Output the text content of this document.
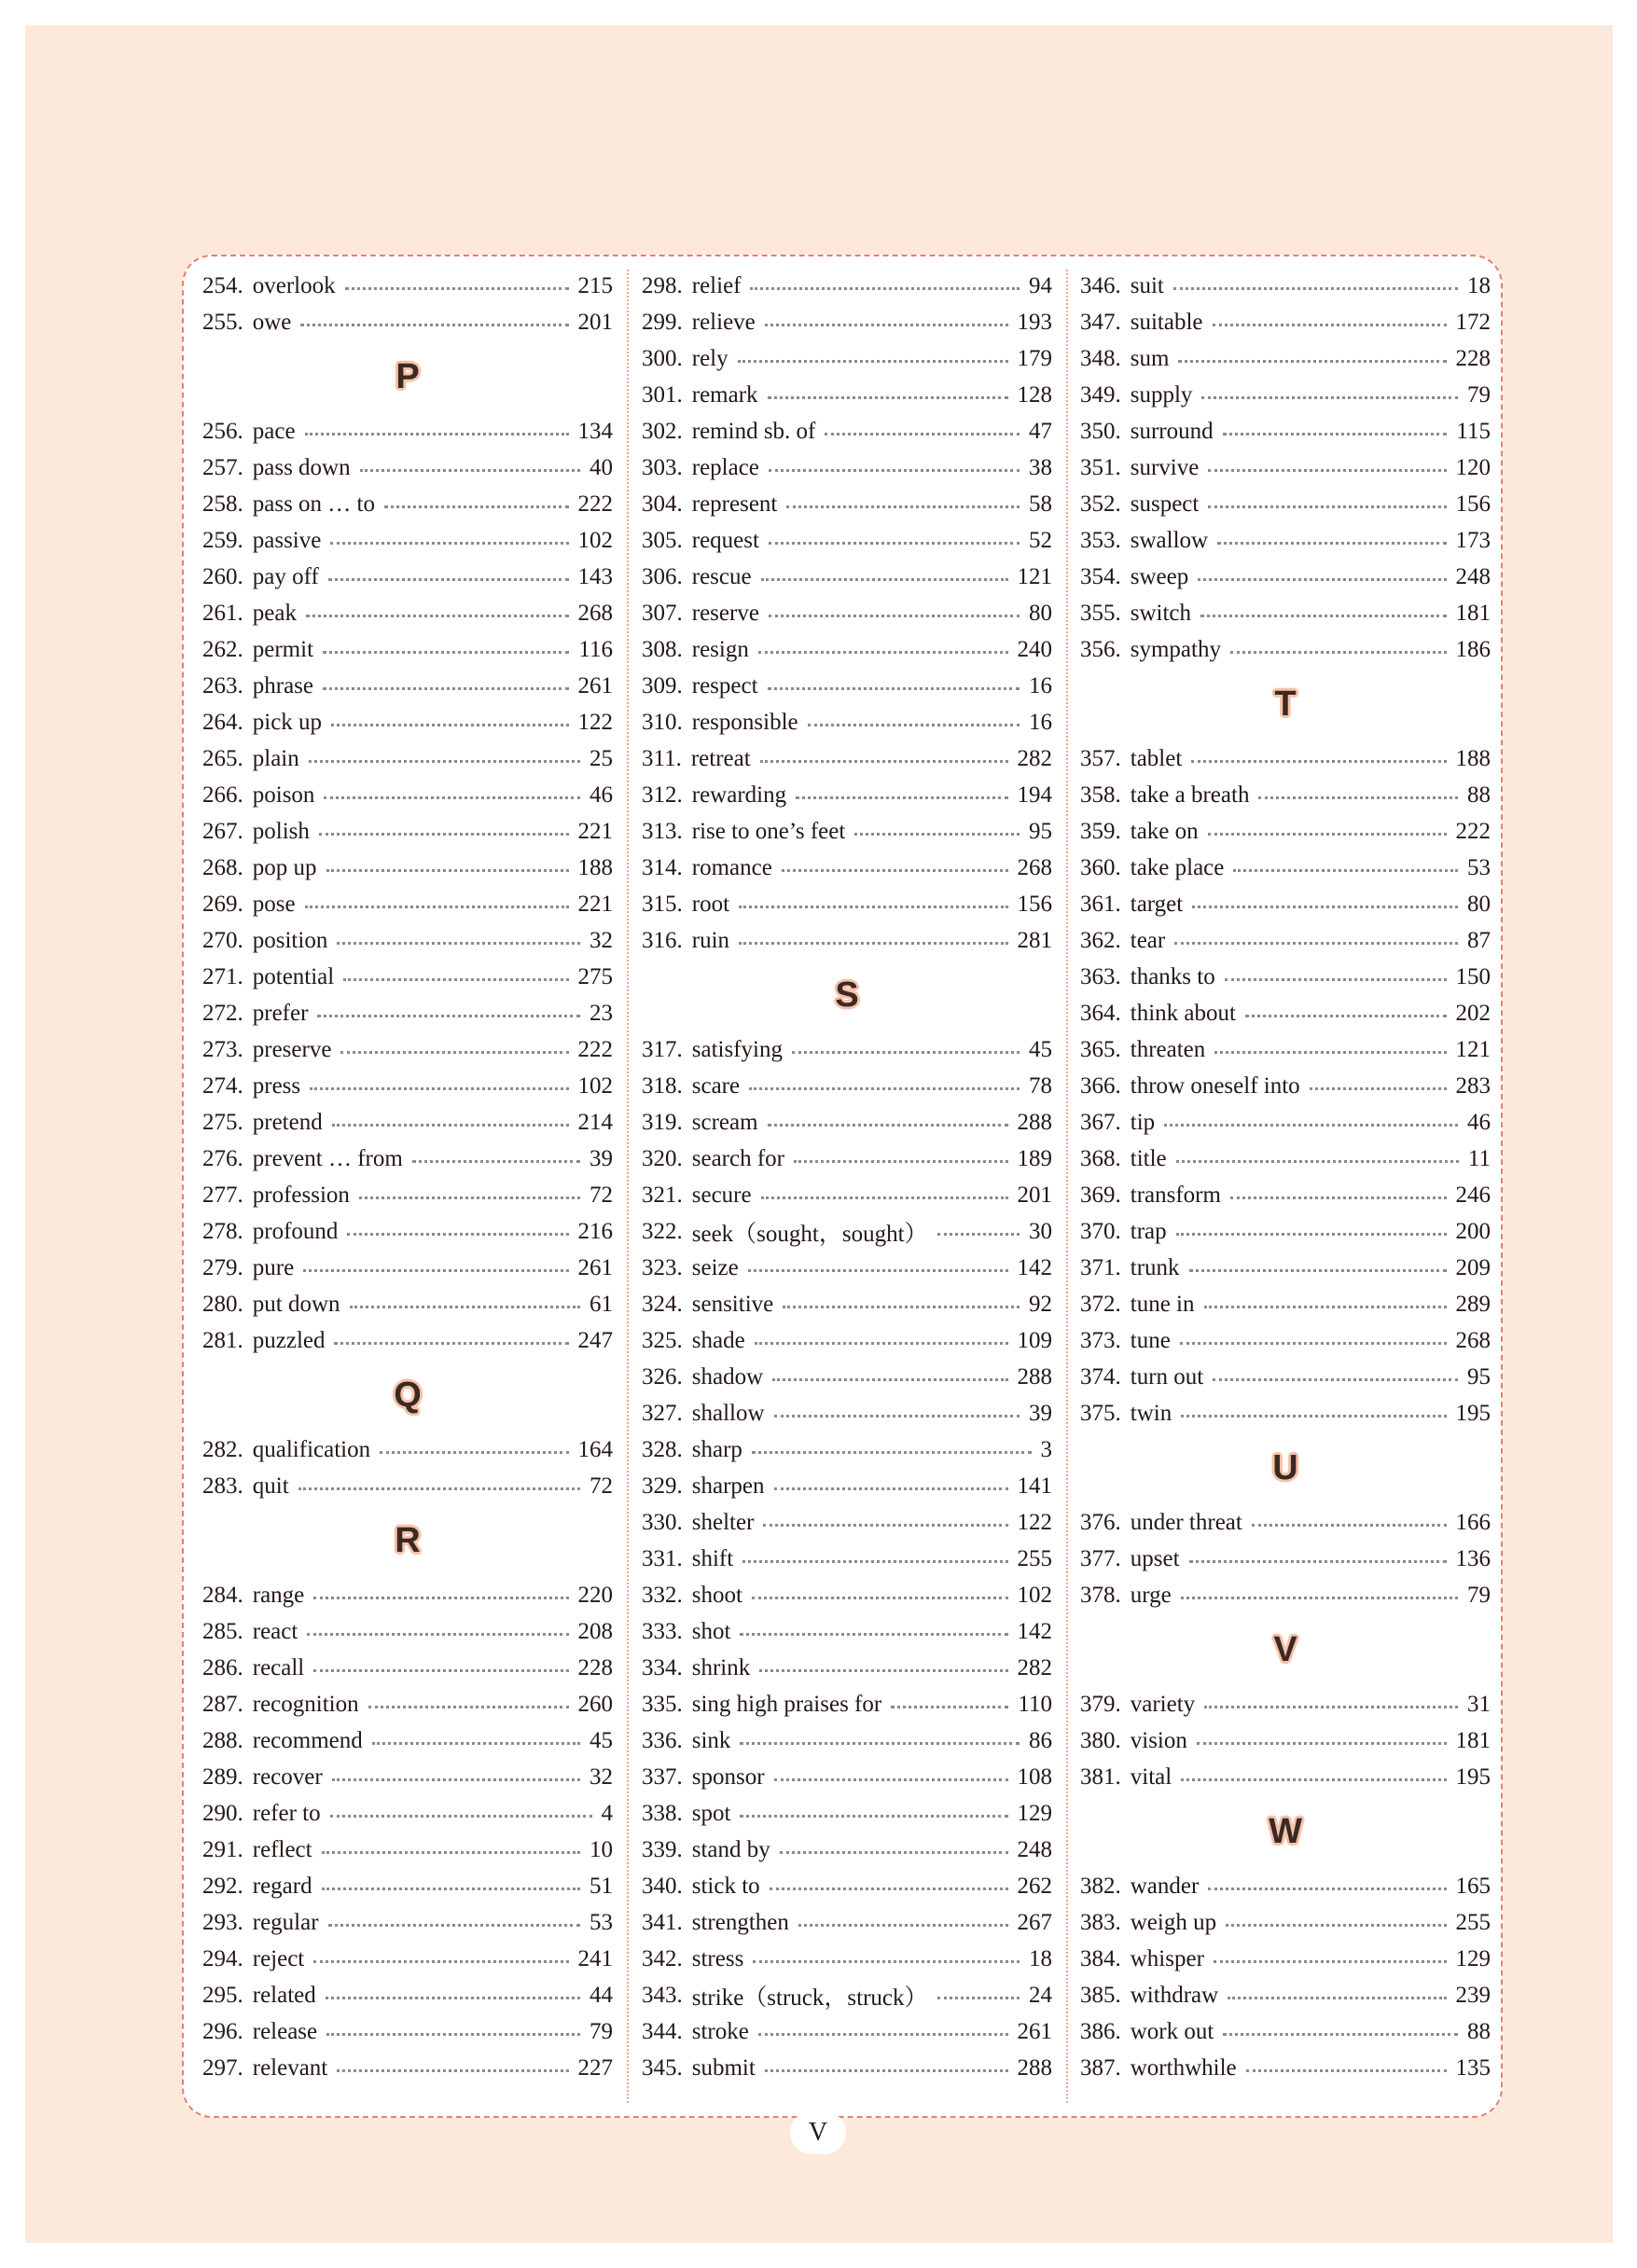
254. overlook	215
255. owe	201
P
256. pace	134
257. pass down	40
258. pass on … to	222
259. passive	102
260. pay off	143
261. peak	268
262. permit	116
263. phrase	261
264. pick up	122
265. plain	25
266. poison	46
267. polish	221
268. pop up	188
269. pose	221
270. position	32
271. potential	275
272. prefer	23
273. preserve	222
274. press	102
275. pretend	214
276. prevent … from	39
277. profession	72
278. profound	216
279. pure	261
280. put down	61
281. puzzled	247
Q
282. qualification	164
283. quit	72
R
284. range	220
285. react	208
286. recall	228
287. recognition	260
288. recommend	45
289. recover	32
290. refer to	4
291. reflect	10
292. regard	51
293. regular	53
294. reject	241
295. related	44
296. release	79
297. relevant	227
298. relief	94
299. relieve	193
300. rely	179
301. remark	128
302. remind sb. of	47
303. replace	38
304. represent	58
305. request	52
306. rescue	121
307. reserve	80
308. resign	240
309. respect	16
310. responsible	16
311. retreat	282
312. rewarding	194
313. rise to one’s feet	95
314. romance	268
315. root	156
316. ruin	281
S
317. satisfying	45
318. scare	78
319. scream	288
320. search for	189
321. secure	201
322. seek（sought，sought）	30
323. seize	142
324. sensitive	92
325. shade	109
326. shadow	288
327. shallow	39
328. sharp	3
329. sharpen	141
330. shelter	122
331. shift	255
332. shoot	102
333. shot	142
334. shrink	282
335. sing high praises for	110
336. sink	86
337. sponsor	108
338. spot	129
339. stand by	248
340. stick to	262
341. strengthen	267
342. stress	18
343. strike（struck，struck）	24
344. stroke	261
345. submit	288
346. suit	18
347. suitable	172
348. sum	228
349. supply	79
350. surround	115
351. survive	120
352. suspect	156
353. swallow	173
354. sweep	248
355. switch	181
356. sympathy	186
T
357. tablet	188
358. take a breath	88
359. take on	222
360. take place	53
361. target	80
362. tear	87
363. thanks to	150
364. think about	202
365. threaten	121
366. throw oneself into	283
367. tip	46
368. title	11
369. transform	246
370. trap	200
371. trunk	209
372. tune in	289
373. tune	268
374. turn out	95
375. twin	195
U
376. under threat	166
377. upset	136
378. urge	79
V
379. variety	31
380. vision	181
381. vital	195
W
382. wander	165
383. weigh up	255
384. whisper	129
385. withdraw	239
386. work out	88
387. worthwhile	135
V
